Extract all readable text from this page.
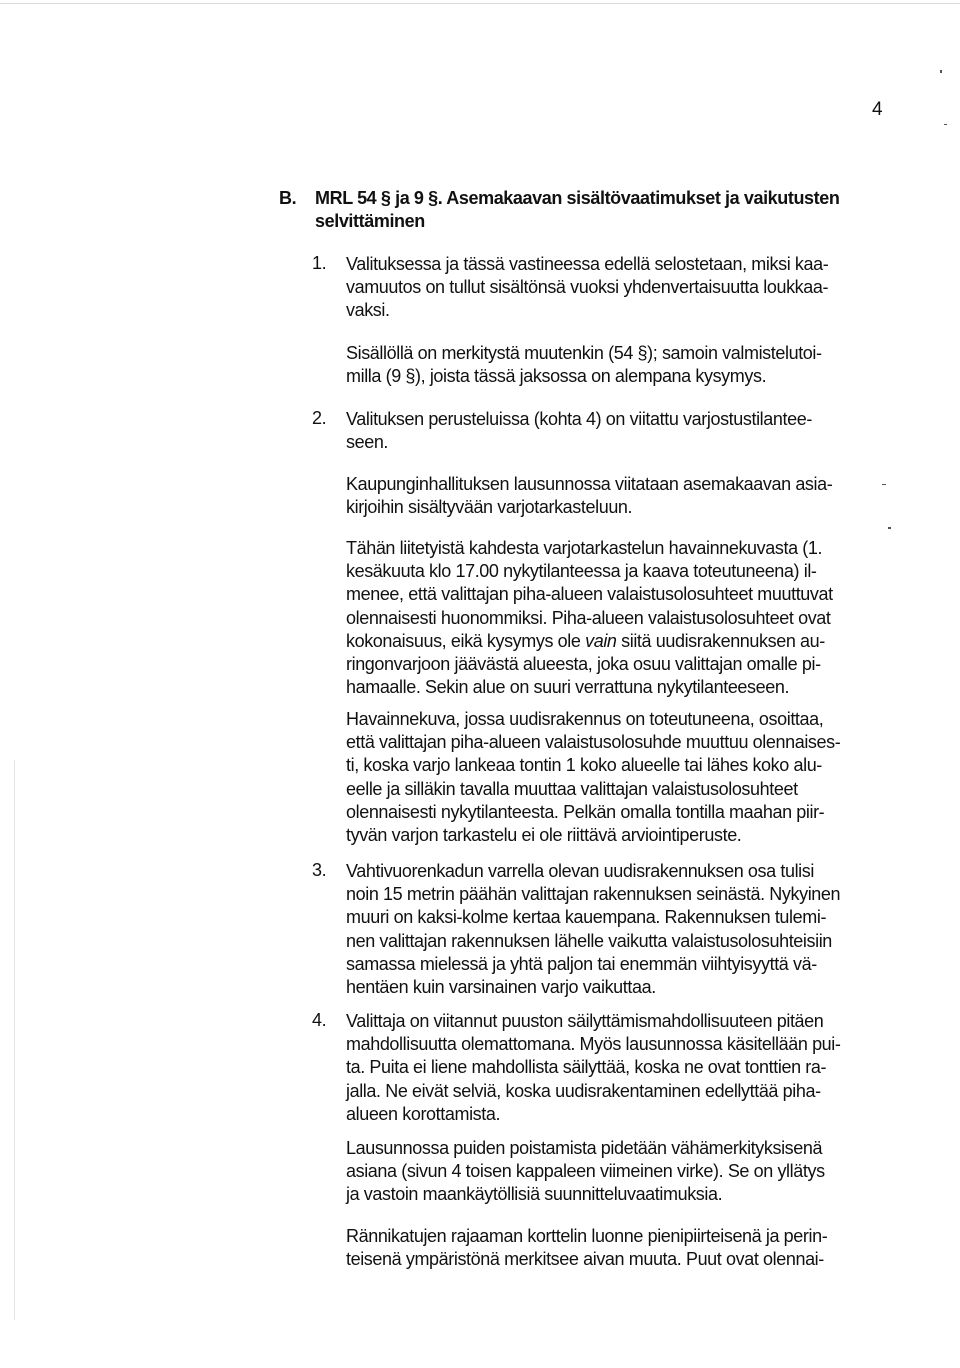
4
B. MRL 54 § ja 9 §. Asemakaavan sisältövaatimukset ja vaikutusten selvittäminen
1. Valituksessa ja tässä vastineessa edellä selostetaan, miksi kaa-
vamuutos on tullut sisältönsä vuoksi yhdenvertaisuutta loukkaa-
vaksi.

Sisällöllä on merkitystä muutenkin (54 §); samoin valmistelutoi-
milla (9 §), joista tässä jaksossa on alempana kysymys.

2. Valituksen perusteluissa (kohta 4) on viitattu varjostustilantee-
seen.

Kaupunginhallituksen lausunnossa viitataan asemakaavan asia-
kirjoihin sisältyvään varjotarkasteluun.

Tähän liitetyistä kahdesta varjotarkastelun havainnekuvasta (1.
kesäkuuta klo 17.00 nykytilanteessa ja kaava toteutuneena) il-
menee, että valittajan piha-alueen valaistusolosuhteet muuttuvat
olennaisesti huonommiksi. Piha-alueen valaistusolosuhteet ovat
kokonaisuus, eikä kysymys ole vain siitä uudisrakennuksen au-
ringonvarjoon jäävästä alueesta, joka osuu valittajan omalle pi-
hamaalle. Sekin alue on suuri verrattuna nykytilanteeseen.

Havainnekuva, jossa uudisrakennus on toteutuneena, osoittaa,
että valittajan piha-alueen valaistusolosuhde muuttuu olennaises-
ti, koska varjo lankeaa tontin 1 koko alueelle tai lähes koko alu-
eelle ja silläkin tavalla muuttaa valittajan valaistusolosuhteet
olennaisesti nykytilanteesta. Pelkän omalla tontilla maahan piir-
tyvän varjon tarkastelu ei ole riittävä arviointiperuste.

3. Vahtivuorenkadun varrella olevan uudisrakennuksen osa tulisi
noin 15 metrin päähän valittajan rakennuksen seinästä. Nykyinen
muuri on kaksi-kolme kertaa kauempana. Rakennuksen tulemi-
nen valittajan rakennuksen lähelle vaikutta valaistusolosuhteisiin
samassa mielessä ja yhtä paljon tai enemmän viihtyisyyttä vä-
hentäen kuin varsinainen varjo vaikuttaa.

4. Valittaja on viitannut puuston säilyttämismahdollisuuteen pitäen
mahdollisuutta olemattomana. Myös lausunnossa käsitellään pui-
ta. Puita ei liene mahdollista säilyttää, koska ne ovat tonttien ra-
jalla. Ne eivät selviä, koska uudisrakentaminen edellyttää piha-
alueen korottamista.

Lausunnossa puiden poistamista pidetään vähämerkityksisenä
asiana (sivun 4 toisen kappaleen viimeinen virke). Se on yllätys
ja vastoin maankäytöllisiä suunnitteluvaatimuksia.

Rännikatujen rajaaman korttelin luonne pienipiirteisenä ja perin-
teisenä ympäristönä merkitsee aivan muuta. Puut ovat olennai-
